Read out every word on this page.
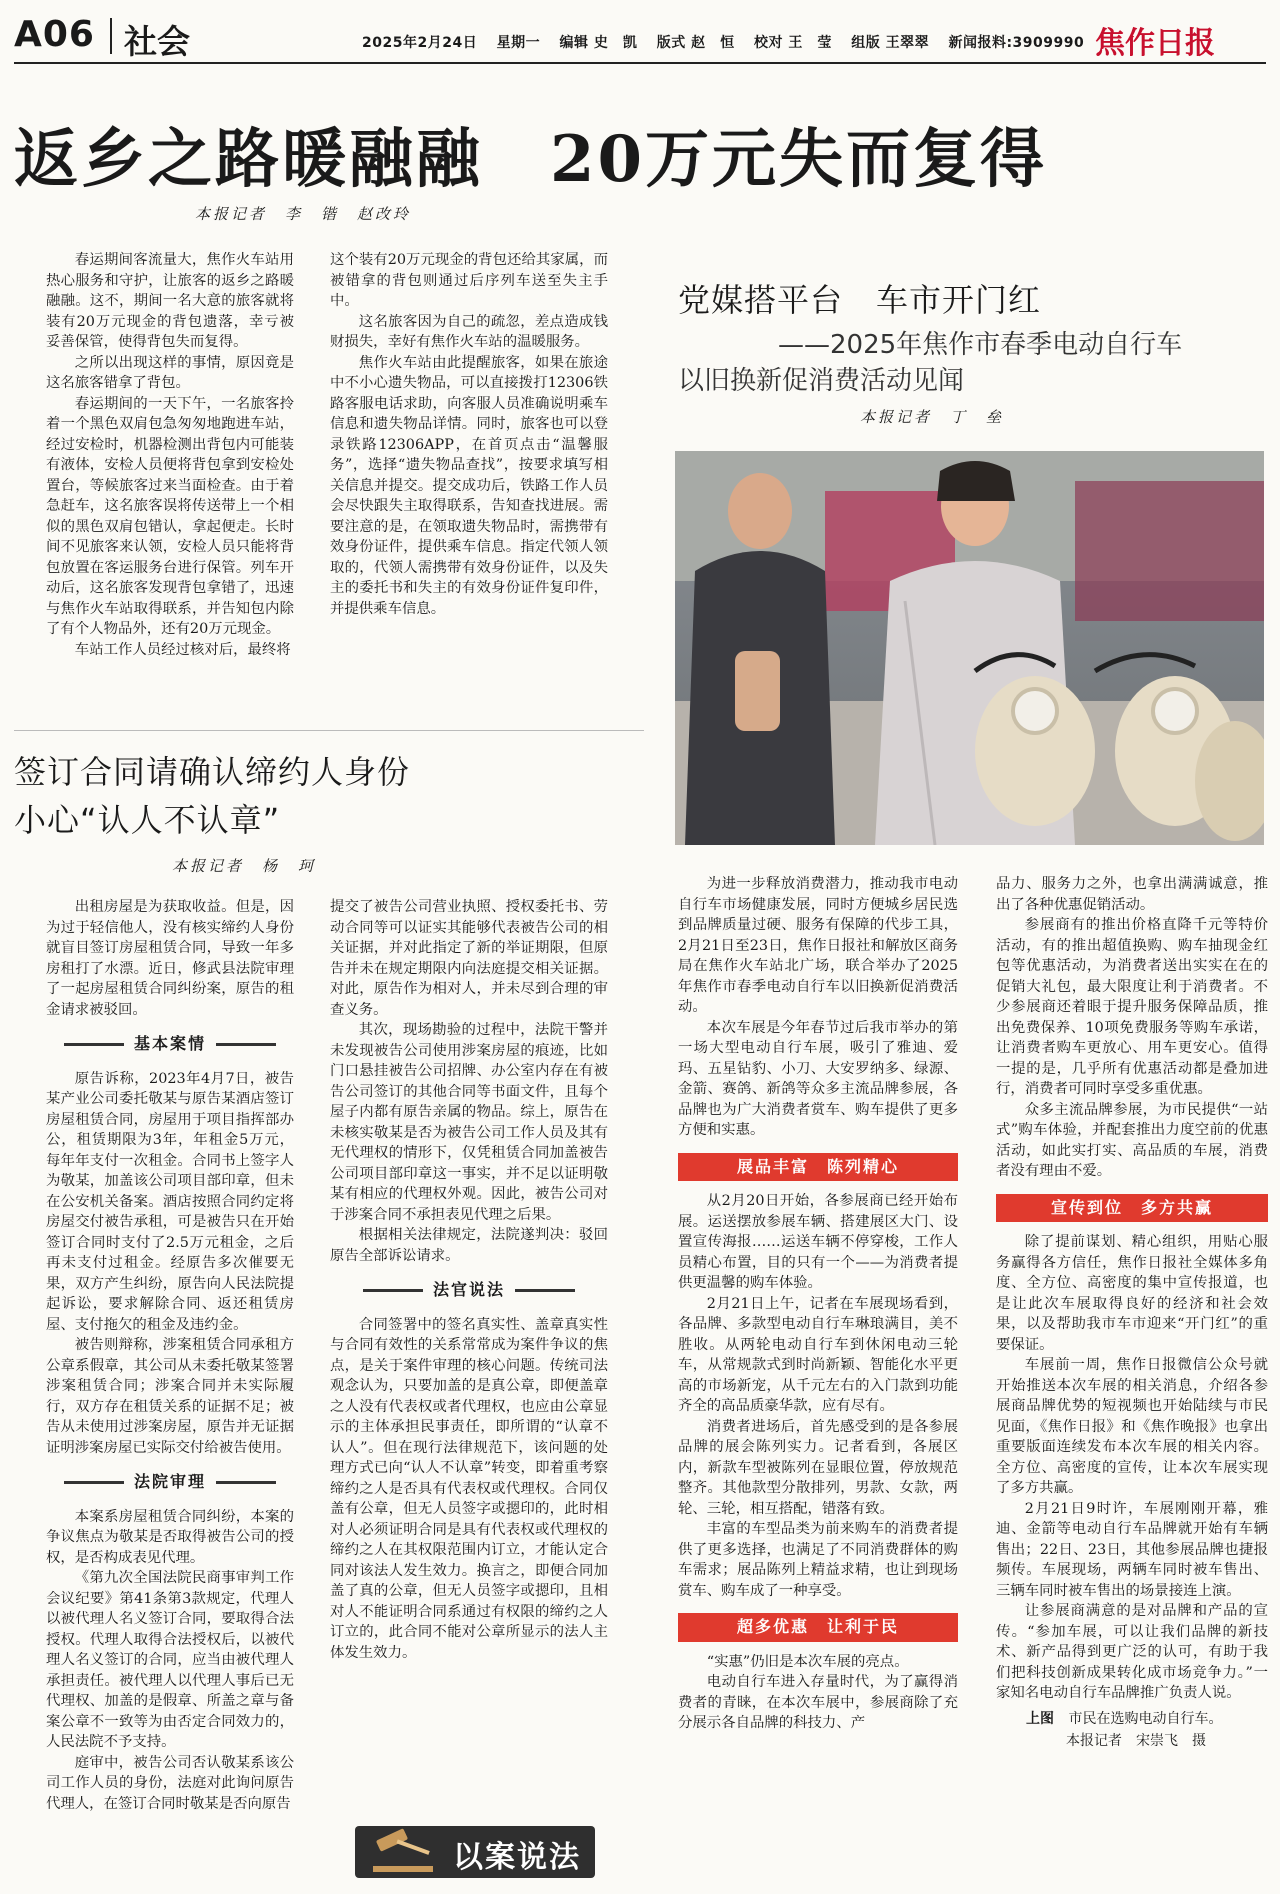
A06 社会	2025年2月24日 星期一 编辑 史　凯 版式 赵　恒 校对 王　莹 组版 王翠翠 新闻报料:3909990 焦作日报
返乡之路暖融融　20万元失而复得
本报记者　李　锴　赵改玲

春运期间客流量大，焦作火车站用热心服务和守护，让旅客的返乡之路暖融融。这不，期间一名大意的旅客就将装有20万元现金的背包遗落，幸亏被妥善保管，使得背包失而复得。

之所以出现这样的事情，原因竟是这名旅客错拿了背包。

春运期间的一天下午，一名旅客拎着一个黑色双肩包急匆匆地跑进车站，经过安检时，机器检测出背包内可能装有液体，安检人员便将背包拿到安检处置台，等候旅客过来当面检查。由于着急赶车，这名旅客误将传送带上一个相似的黑色双肩包错认，拿起便走。长时间不见旅客来认领，安检人员只能将背包放置在客运服务台进行保管。列车开动后，这名旅客发现背包拿错了，迅速与焦作火车站取得联系，并告知包内除了有个人物品外，还有20万元现金。

车站工作人员经过核对后，最终将

这个装有20万元现金的背包还给其家属，而被错拿的背包则通过后序列车送至失主手中。

这名旅客因为自己的疏忽，差点造成钱财损失，幸好有焦作火车站的温暖服务。

焦作火车站由此提醒旅客，如果在旅途中不小心遗失物品，可以直接拨打12306铁路客服电话求助，向客服人员准确说明乘车信息和遗失物品详情。同时，旅客也可以登录铁路12306APP，在首页点击“温馨服务”，选择“遗失物品查找”，按要求填写相关信息并提交。提交成功后，铁路工作人员会尽快跟失主取得联系，告知查找进展。需要注意的是，在领取遗失物品时，需携带有效身份证件，提供乘车信息。指定代领人领取的，代领人需携带有效身份证件，以及失主的委托书和失主的有效身份证件复印件，并提供乘车信息。

签订合同请确认缔约人身份
小心“认人不认章”
本报记者　杨　珂

出租房屋是为获取收益。但是，因为过于轻信他人，没有核实缔约人身份就盲目签订房屋租赁合同，导致一年多房租打了水漂。近日，修武县法院审理了一起房屋租赁合同纠纷案，原告的租金请求被驳回。

基本案情

原告诉称，2023年4月7日，被告某产业公司委托敬某与原告某酒店签订房屋租赁合同，房屋用于项目指挥部办公，租赁期限为3年，年租金5万元，每年年支付一次租金。合同书上签字人为敬某，加盖该公司项目部印章，但未在公安机关备案。酒店按照合同约定将房屋交付被告承租，可是被告只在开始签订合同时支付了2.5万元租金，之后再未支付过租金。经原告多次催要无果，双方产生纠纷，原告向人民法院提起诉讼，要求解除合同、返还租赁房屋、支付拖欠的租金及违约金。

被告则辩称，涉案租赁合同承租方公章系假章，其公司从未委托敬某签署涉案租赁合同；涉案合同并未实际履行，双方存在租赁关系的证据不足；被告从未使用过涉案房屋，原告并无证据证明涉案房屋已实际交付给被告使用。

法院审理

本案系房屋租赁合同纠纷，本案的争议焦点为敬某是否取得被告公司的授权，是否构成表见代理。

《第九次全国法院民商事审判工作会议纪要》第41条第3款规定，代理人以被代理人名义签订合同，要取得合法授权。代理人取得合法授权后，以被代理人名义签订的合同，应当由被代理人承担责任。被代理人以代理人事后已无代理权、加盖的是假章、所盖之章与备案公章不一致等为由否定合同效力的，人民法院不予支持。

庭审中，被告公司否认敬某系该公司工作人员的身份，法庭对此询问原告代理人，在签订合同时敬某是否向原告

提交了被告公司营业执照、授权委托书、劳动合同等可以证实其能够代表被告公司的相关证据，并对此指定了新的举证期限，但原告并未在规定期限内向法庭提交相关证据。对此，原告作为相对人，并未尽到合理的审查义务。

其次，现场勘验的过程中，法院干警并未发现被告公司使用涉案房屋的痕迹，比如门口悬挂被告公司招牌、办公室内存在有被告公司签订的其他合同等书面文件，且每个屋子内都有原告亲属的物品。综上，原告在未核实敬某是否为被告公司工作人员及其有无代理权的情形下，仅凭租赁合同加盖被告公司项目部印章这一事实，并不足以证明敬某有相应的代理权外观。因此，被告公司对于涉案合同不承担表见代理之后果。

根据相关法律规定，法院遂判决：驳回原告全部诉讼请求。

法官说法

合同签署中的签名真实性、盖章真实性与合同有效性的关系常常成为案件争议的焦点，是关于案件审理的核心问题。传统司法观念认为，只要加盖的是真公章，即便盖章之人没有代表权或者代理权，也应由公章显示的主体承担民事责任，即所谓的“认章不认人”。但在现行法律规范下，该问题的处理方式已向“认人不认章”转变，即着重考察缔约之人是否具有代表权或代理权。合同仅盖有公章，但无人员签字或摁印的，此时相对人必须证明合同是具有代表权或代理权的缔约之人在其权限范围内订立，才能认定合同对该法人发生效力。换言之，即便合同加盖了真的公章，但无人员签字或摁印，且相对人不能证明合同系通过有权限的缔约之人订立的，此合同不能对公章所显示的法人主体发生效力。

以案说法
党媒搭平台　车市开门红
——2025年焦作市春季电动自行车
以旧换新促消费活动见闻
本报记者　丁　垒

为进一步释放消费潜力，推动我市电动自行车市场健康发展，同时方便城乡居民选到品牌质量过硬、服务有保障的代步工具，2月21日至23日，焦作日报社和解放区商务局在焦作火车站北广场，联合举办了2025年焦作市春季电动自行车以旧换新促消费活动。

本次车展是今年春节过后我市举办的第一场大型电动自行车展，吸引了雅迪、爱玛、五星钻豹、小刀、大安罗纳多、绿源、金箭、赛鸽、新鸽等众多主流品牌参展，各品牌也为广大消费者赏车、购车提供了更多方便和实惠。

展品丰富　陈列精心

从2月20日开始，各参展商已经开始布展。运送摆放参展车辆、搭建展区大门、设置宣传海报……运送车辆不停穿梭，工作人员精心布置，目的只有一个——为消费者提供更温馨的购车体验。

2月21日上午，记者在车展现场看到，各品牌、多款型电动自行车琳琅满目，美不胜收。从两轮电动自行车到休闲电动三轮车，从常规款式到时尚新颖、智能化水平更高的市场新宠，从千元左右的入门款到功能齐全的高品质豪华款，应有尽有。

消费者进场后，首先感受到的是各参展品牌的展会陈列实力。记者看到，各展区内，新款车型被陈列在显眼位置，停放规范整齐。其他款型分散排列，男款、女款，两轮、三轮，相互搭配，错落有致。

丰富的车型品类为前来购车的消费者提供了更多选择，也满足了不同消费群体的购车需求；展品陈列上精益求精，也让到现场赏车、购车成了一种享受。

超多优惠　让利于民

“实惠”仍旧是本次车展的亮点。

电动自行车进入存量时代，为了赢得消费者的青睐，在本次车展中，参展商除了充分展示各自品牌的科技力、产

品力、服务力之外，也拿出满满诚意，推出了各种优惠促销活动。

参展商有的推出价格直降千元等特价活动，有的推出超值换购、购车抽现金红包等优惠活动，为消费者送出实实在在的促销大礼包，最大限度让利于消费者。不少参展商还着眼于提升服务保障品质，推出免费保养、10项免费服务等购车承诺，让消费者购车更放心、用车更安心。值得一提的是，几乎所有优惠活动都是叠加进行，消费者可同时享受多重优惠。

众多主流品牌参展，为市民提供“一站式”购车体验，并配套推出力度空前的优惠活动，如此实打实、高品质的车展，消费者没有理由不爱。

宣传到位　多方共赢

除了提前谋划、精心组织，用贴心服务赢得各方信任，焦作日报社全媒体多角度、全方位、高密度的集中宣传报道，也是让此次车展取得良好的经济和社会效果，以及帮助我市车市迎来“开门红”的重要保证。

车展前一周，焦作日报微信公众号就开始推送本次车展的相关消息，介绍各参展商品牌优势的短视频也开始陆续与市民见面，《焦作日报》和《焦作晚报》也拿出重要版面连续发布本次车展的相关内容。全方位、高密度的宣传，让本次车展实现了多方共赢。

2月21日9时许，车展刚刚开幕，雅迪、金箭等电动自行车品牌就开始有车辆售出；22日、23日，其他参展品牌也捷报频传。车展现场，两辆车同时被车售出、三辆车同时被车售出的场景接连上演。

让参展商满意的是对品牌和产品的宣传。“参加车展，可以让我们品牌的新技术、新产品得到更广泛的认可，有助于我们把科技创新成果转化成市场竞争力。”一家知名电动自行车品牌推广负责人说。

上图 市民在选购电动自行车。
本报记者　宋崇飞　摄
